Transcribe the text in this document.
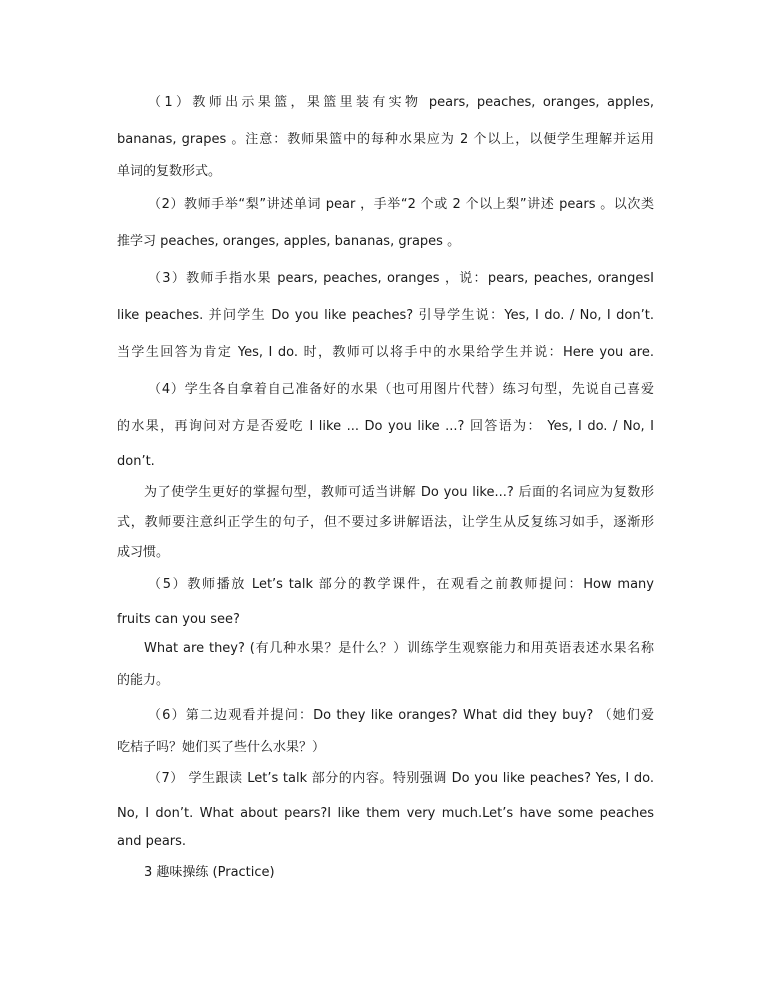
（1）教师出示果篮，果篮里装有实物 pears, peaches, oranges, apples,
bananas, grapes 。注意：教师果篮中的每种水果应为 2 个以上，以便学生理解并运用
单词的复数形式。
（2）教师手举“梨”讲述单词 pear ，手举“2 个或 2 个以上梨”讲述 pears 。以次类
推学习 peaches, oranges, apples, bananas, grapes 。
（3）教师手指水果 pears, peaches, oranges ，说：pears, peaches, orangesI
like peaches. 并问学生 Do you like peaches? 引导学生说：Yes, I do. / No, I don’t.
当学生回答为肯定 Yes, I do. 时，教师可以将手中的水果给学生并说：Here you are.
（4）学生各自拿着自己准备好的水果（也可用图片代替）练习句型，先说自己喜爱
的水果，再询问对方是否爱吃 I like ... Do you like ...? 回答语为： Yes, I do. / No, I
don’t.
为了使学生更好的掌握句型，教师可适当讲解 Do you like...? 后面的名词应为复数形
式，教师要注意纠正学生的句子，但不要过多讲解语法，让学生从反复练习如手，逐渐形
成习惯。
（5）教师播放 Let’s talk 部分的教学课件，在观看之前教师提问：How many
fruits can you see?
What are they? (有几种水果？是什么？）训练学生观察能力和用英语表述水果名称
的能力。
（6）第二边观看并提问：Do they like oranges? What did they buy? （她们爱
吃桔子吗？她们买了些什么水果？）
（7） 学生跟读 Let’s talk 部分的内容。特别强调 Do you like peaches? Yes, I do.
No, I don’t. What about pears?I like them very much.Let’s have some peaches
and pears.
3 趣味操练 (Practice)
